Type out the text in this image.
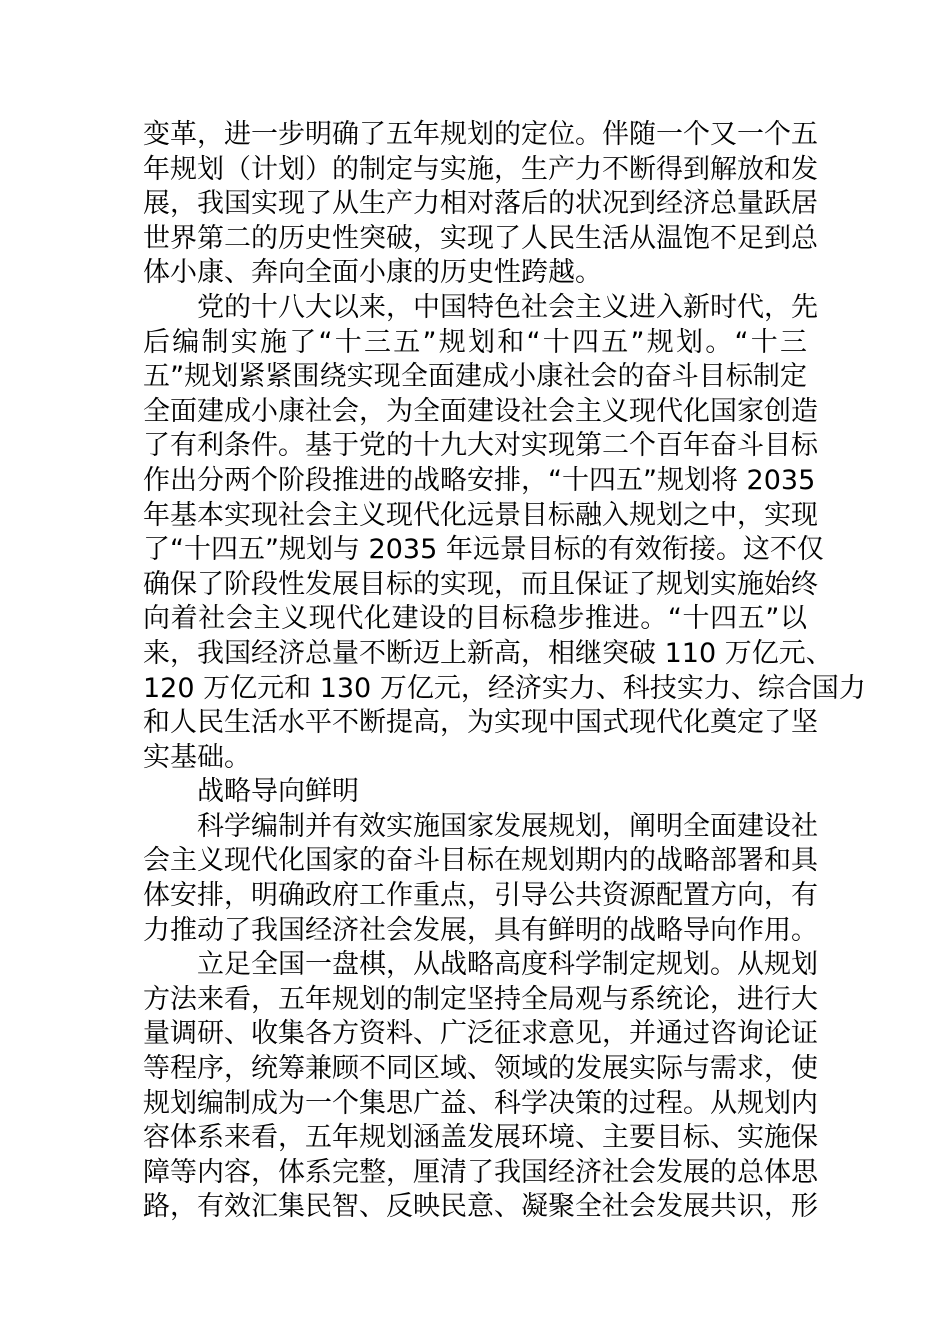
变革，进一步明确了五年规划的定位。伴随一个又一个五
年规划（计划）的制定与实施，生产力不断得到解放和发
展，我国实现了从生产力相对落后的状况到经济总量跃居
世界第二的历史性突破，实现了人民生活从温饱不足到总
体小康、奔向全面小康的历史性跨越。
党的十八大以来，中国特色社会主义进入新时代，先
后编制实施了“十三五”规划和“十四五”规划。“十三
五”规划紧紧围绕实现全面建成小康社会的奋斗目标制定
全面建成小康社会，为全面建设社会主义现代化国家创造
了有利条件。基于党的十九大对实现第二个百年奋斗目标
作出分两个阶段推进的战略安排，“十四五”规划将 2035
年基本实现社会主义现代化远景目标融入规划之中，实现
了“十四五”规划与 2035 年远景目标的有效衔接。这不仅
确保了阶段性发展目标的实现，而且保证了规划实施始终
向着社会主义现代化建设的目标稳步推进。“十四五”以
来，我国经济总量不断迈上新高，相继突破 110 万亿元、
120 万亿元和 130 万亿元，经济实力、科技实力、综合国力
和人民生活水平不断提高，为实现中国式现代化奠定了坚
实基础。
战略导向鲜明
科学编制并有效实施国家发展规划，阐明全面建设社
会主义现代化国家的奋斗目标在规划期内的战略部署和具
体安排，明确政府工作重点，引导公共资源配置方向，有
力推动了我国经济社会发展，具有鲜明的战略导向作用。
立足全国一盘棋，从战略高度科学制定规划。从规划
方法来看，五年规划的制定坚持全局观与系统论，进行大
量调研、收集各方资料、广泛征求意见，并通过咨询论证
等程序，统筹兼顾不同区域、领域的发展实际与需求，使
规划编制成为一个集思广益、科学决策的过程。从规划内
容体系来看，五年规划涵盖发展环境、主要目标、实施保
障等内容，体系完整，厘清了我国经济社会发展的总体思
路，有效汇集民智、反映民意、凝聚全社会发展共识，形
